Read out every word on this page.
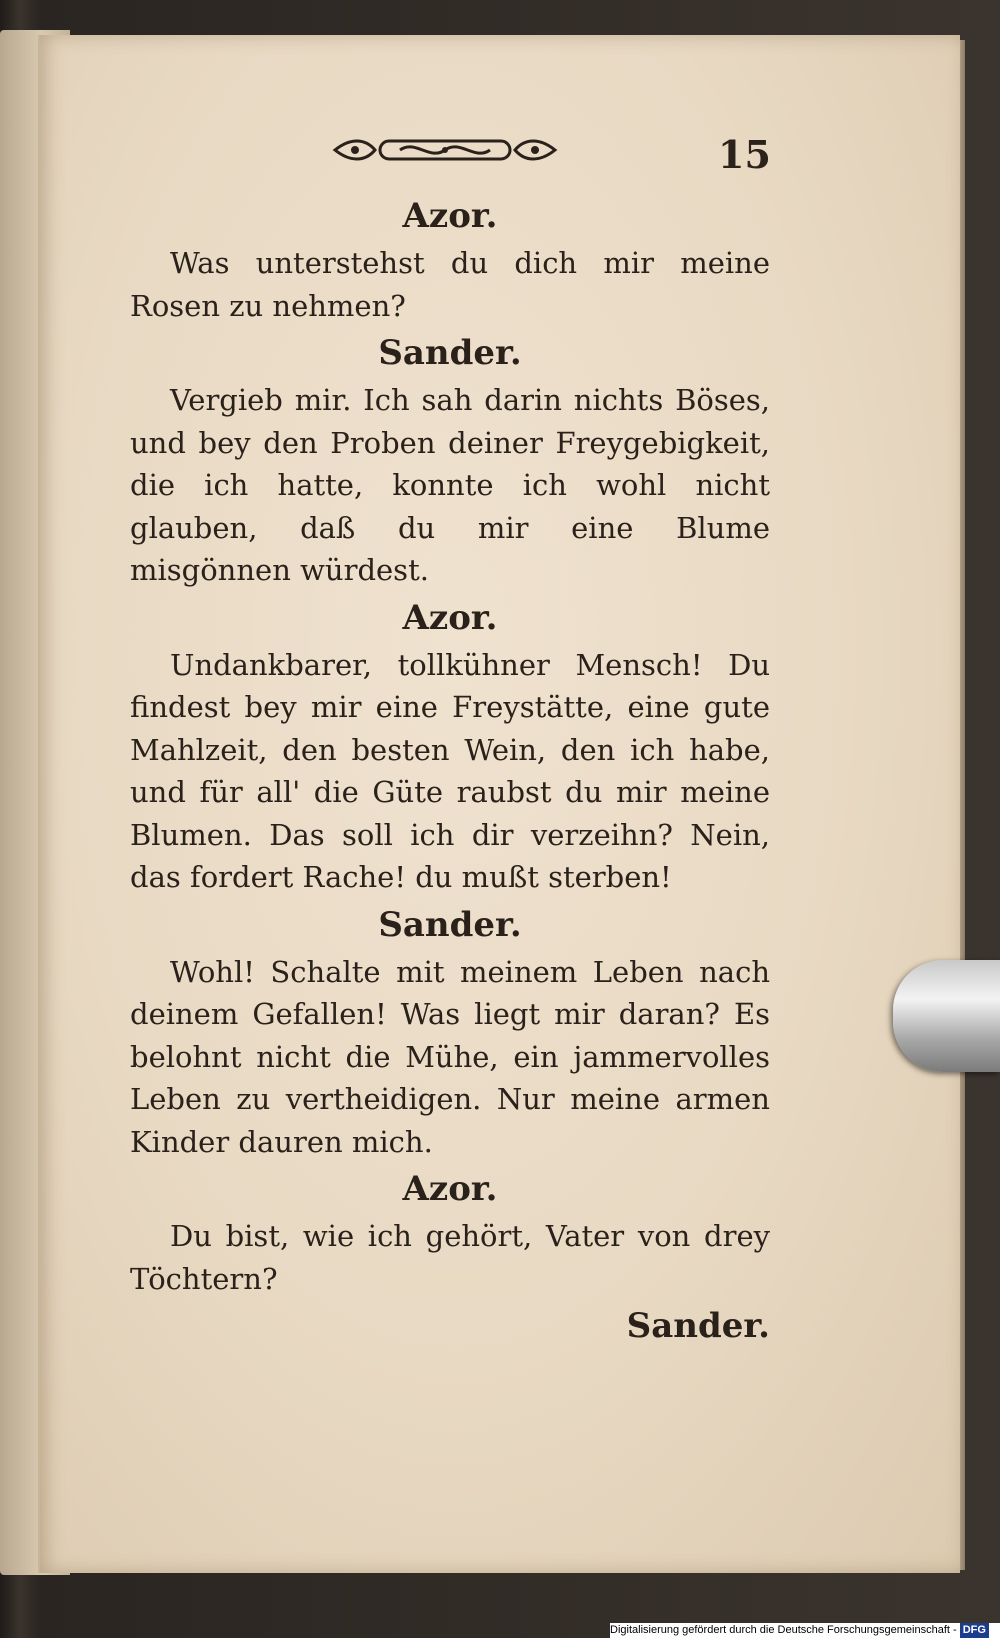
15
Azor.

Was unterstehst du dich mir meine Rosen zu nehmen?

Sander.

Vergieb mir. Ich sah darin nichts Böses, und bey den Proben deiner Freygebigkeit, die ich hatte, konnte ich wohl nicht glauben, daß du mir eine Blume misgönnen würdest.

Azor.

Undankbarer, tollkühner Mensch! Du findest bey mir eine Freystätte, eine gute Mahlzeit, den besten Wein, den ich habe, und für all' die Güte raubst du mir meine Blumen. Das soll ich dir verzeihn? Nein, das fordert Rache! du mußt sterben!

Sander.

Wohl! Schalte mit meinem Leben nach deinem Gefallen! Was liegt mir daran? Es belohnt nicht die Mühe, ein jammervolles Leben zu vertheidigen. Nur meine armen Kinder dauren mich.

Azor.

Du bist, wie ich gehört, Vater von drey Töchtern?

Sander.
Digitalisierung gefördert durch die Deutsche Forschungsgemeinschaft - DFG
